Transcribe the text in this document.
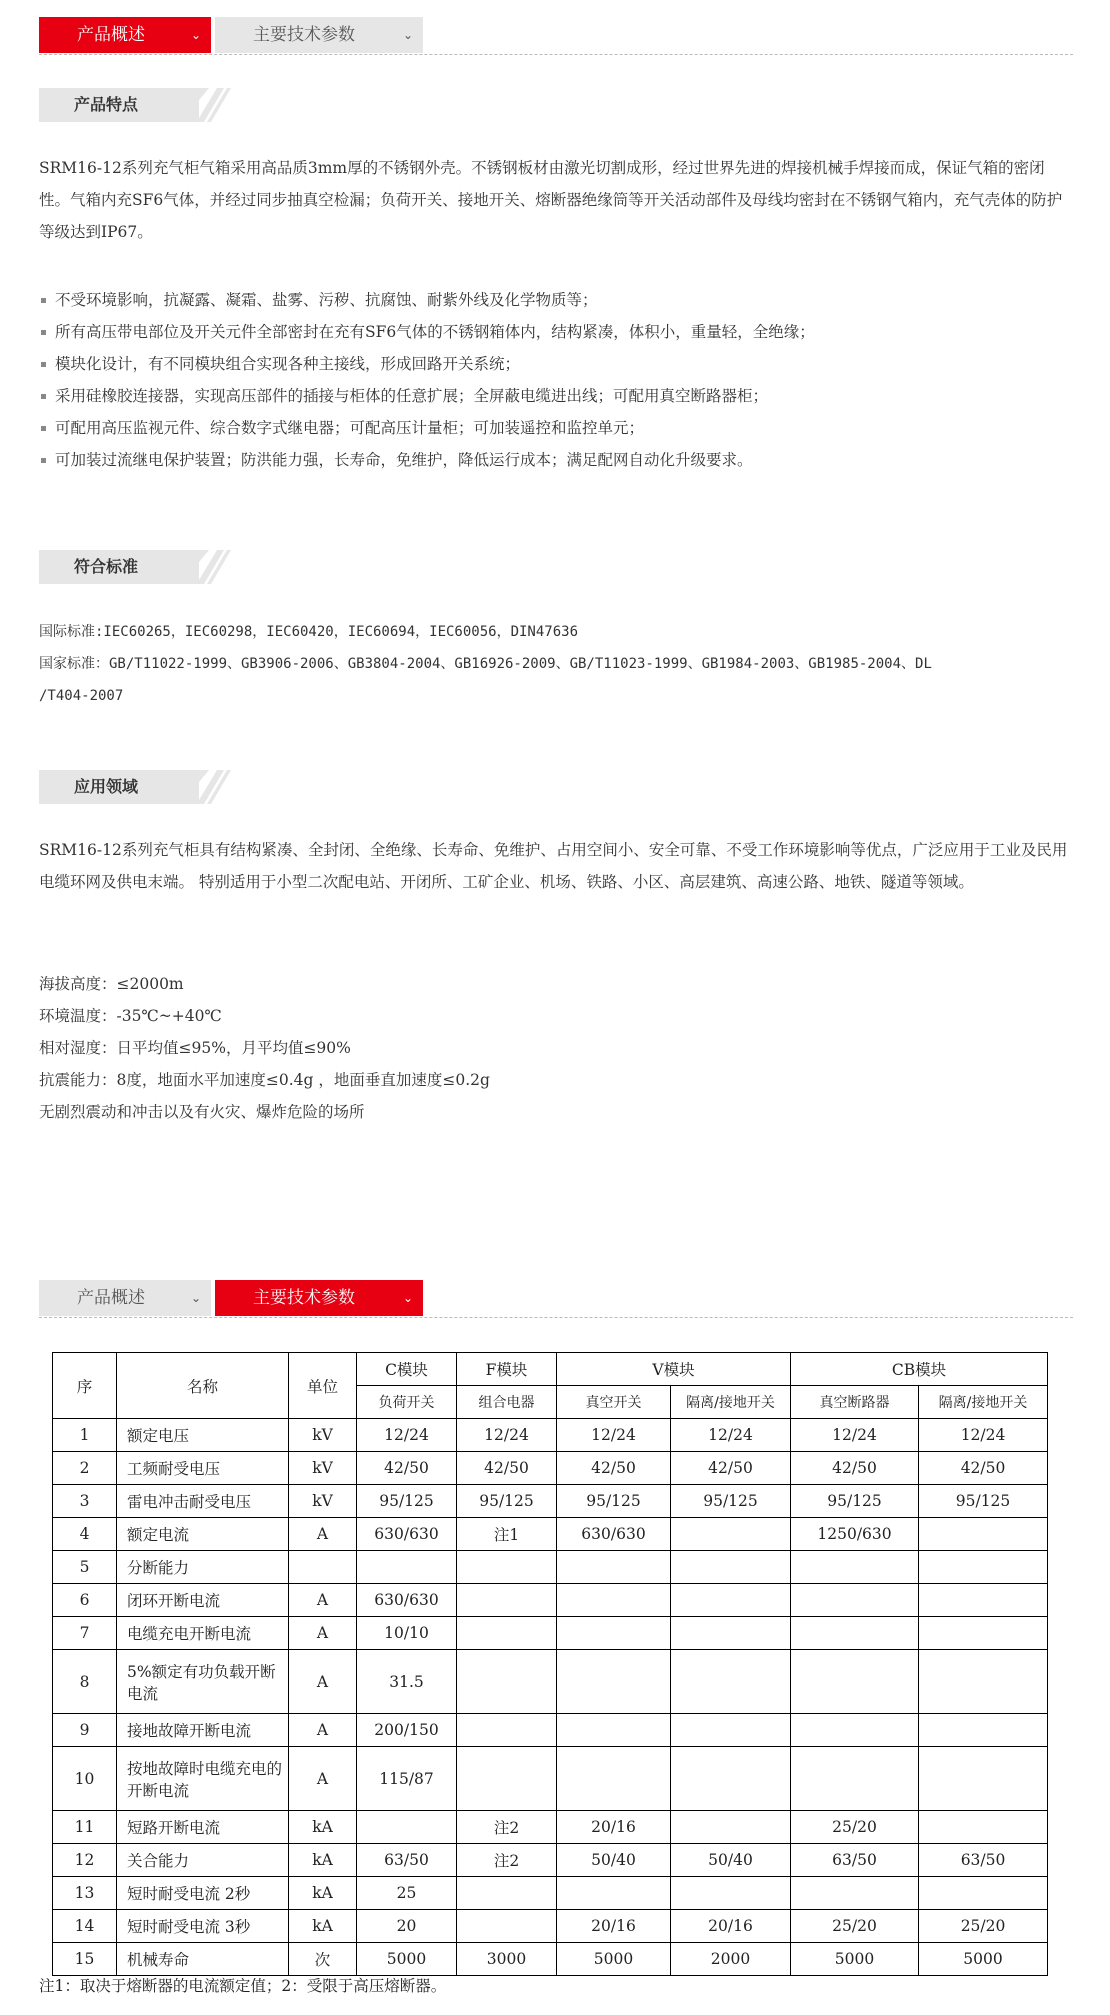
产品概述	⌄	主要技术参数	⌄
产品特点

SRM16-12系列充气柜气箱采用高品质3mm厚的不锈钢外壳。不锈钢板材由激光切割成形，经过世界先进的焊接机械手焊接而成，保证气箱的密闭性。气箱内充SF6气体，并经过同步抽真空检漏；负荷开关、接地开关、熔断器绝缘筒等开关活动部件及母线均密封在不锈钢气箱内，充气壳体的防护等级达到IP67。

不受环境影响，抗凝露、凝霜、盐雾、污秽、抗腐蚀、耐紫外线及化学物质等；
所有高压带电部位及开关元件全部密封在充有SF6气体的不锈钢箱体内，结构紧凑，体积小，重量轻，全绝缘；
模块化设计，有不同模块组合实现各种主接线，形成回路开关系统；
采用硅橡胶连接器，实现高压部件的插接与柜体的任意扩展；全屏蔽电缆进出线；可配用真空断路器柜；
可配用高压监视元件、综合数字式继电器；可配高压计量柜；可加装遥控和监控单元；
可加装过流继电保护装置；防洪能力强，长寿命，免维护，降低运行成本；满足配网自动化升级要求。
符合标准
国际标准:IEC60265，IEC60298，IEC60420，IEC60694，IEC60056，DIN47636
国家标准：GB/T11022-1999、GB3906-2006、GB3804-2004、GB16926-2009、GB/T11023-1999、GB1984-2003、GB1985-2004、DL
/T404-2007
应用领域

SRM16-12系列充气柜具有结构紧凑、全封闭、全绝缘、长寿命、免维护、占用空间小、安全可靠、不受工作环境影响等优点，广泛应用于工业及民用电缆环网及供电末端。 特别适用于小型二次配电站、开闭所、工矿企业、机场、铁路、小区、高层建筑、高速公路、地铁、隧道等领域。

海拔高度：≤2000m
环境温度：-35℃~+40℃
相对湿度：日平均值≤95%，月平均值≤90%
抗震能力：8度，地面水平加速度≤0.4g ，地面垂直加速度≤0.2g
无剧烈震动和冲击以及有火灾、爆炸危险的场所
产品概述	⌄	主要技术参数	⌄
序	名称	单位	C模块	F模块	V模块		CB模块	
			负荷开关	组合电器	真空开关	隔离/接地开关	真空断路器	隔离/接地开关
1	额定电压	kV	12/24	12/24	12/24	12/24	12/24	12/24
2	工频耐受电压	kV	42/50	42/50	42/50	42/50	42/50	42/50
3	雷电冲击耐受电压	kV	95/125	95/125	95/125	95/125	95/125	95/125
4	额定电流	A	630/630	注1	630/630		1250/630	
5	分断能力							
6	闭环开断电流	A	630/630					
7	电缆充电开断电流	A	10/10					
8	5%额定有功负载开断电流	A	31.5					
9	接地故障开断电流	A	200/150					
10	按地故障时电缆充电的开断电流	A	115/87					
11	短路开断电流	kA		注2	20/16		25/20	
12	关合能力	kA	63/50	注2	50/40	50/40	63/50	63/50
13	短时耐受电流 2秒	kA	25					
14	短时耐受电流 3秒	kA	20		20/16	20/16	25/20	25/20
15	机械寿命	次	5000	3000	5000	2000	5000	5000
注1：取决于熔断器的电流额定值；2：受限于高压熔断器。
